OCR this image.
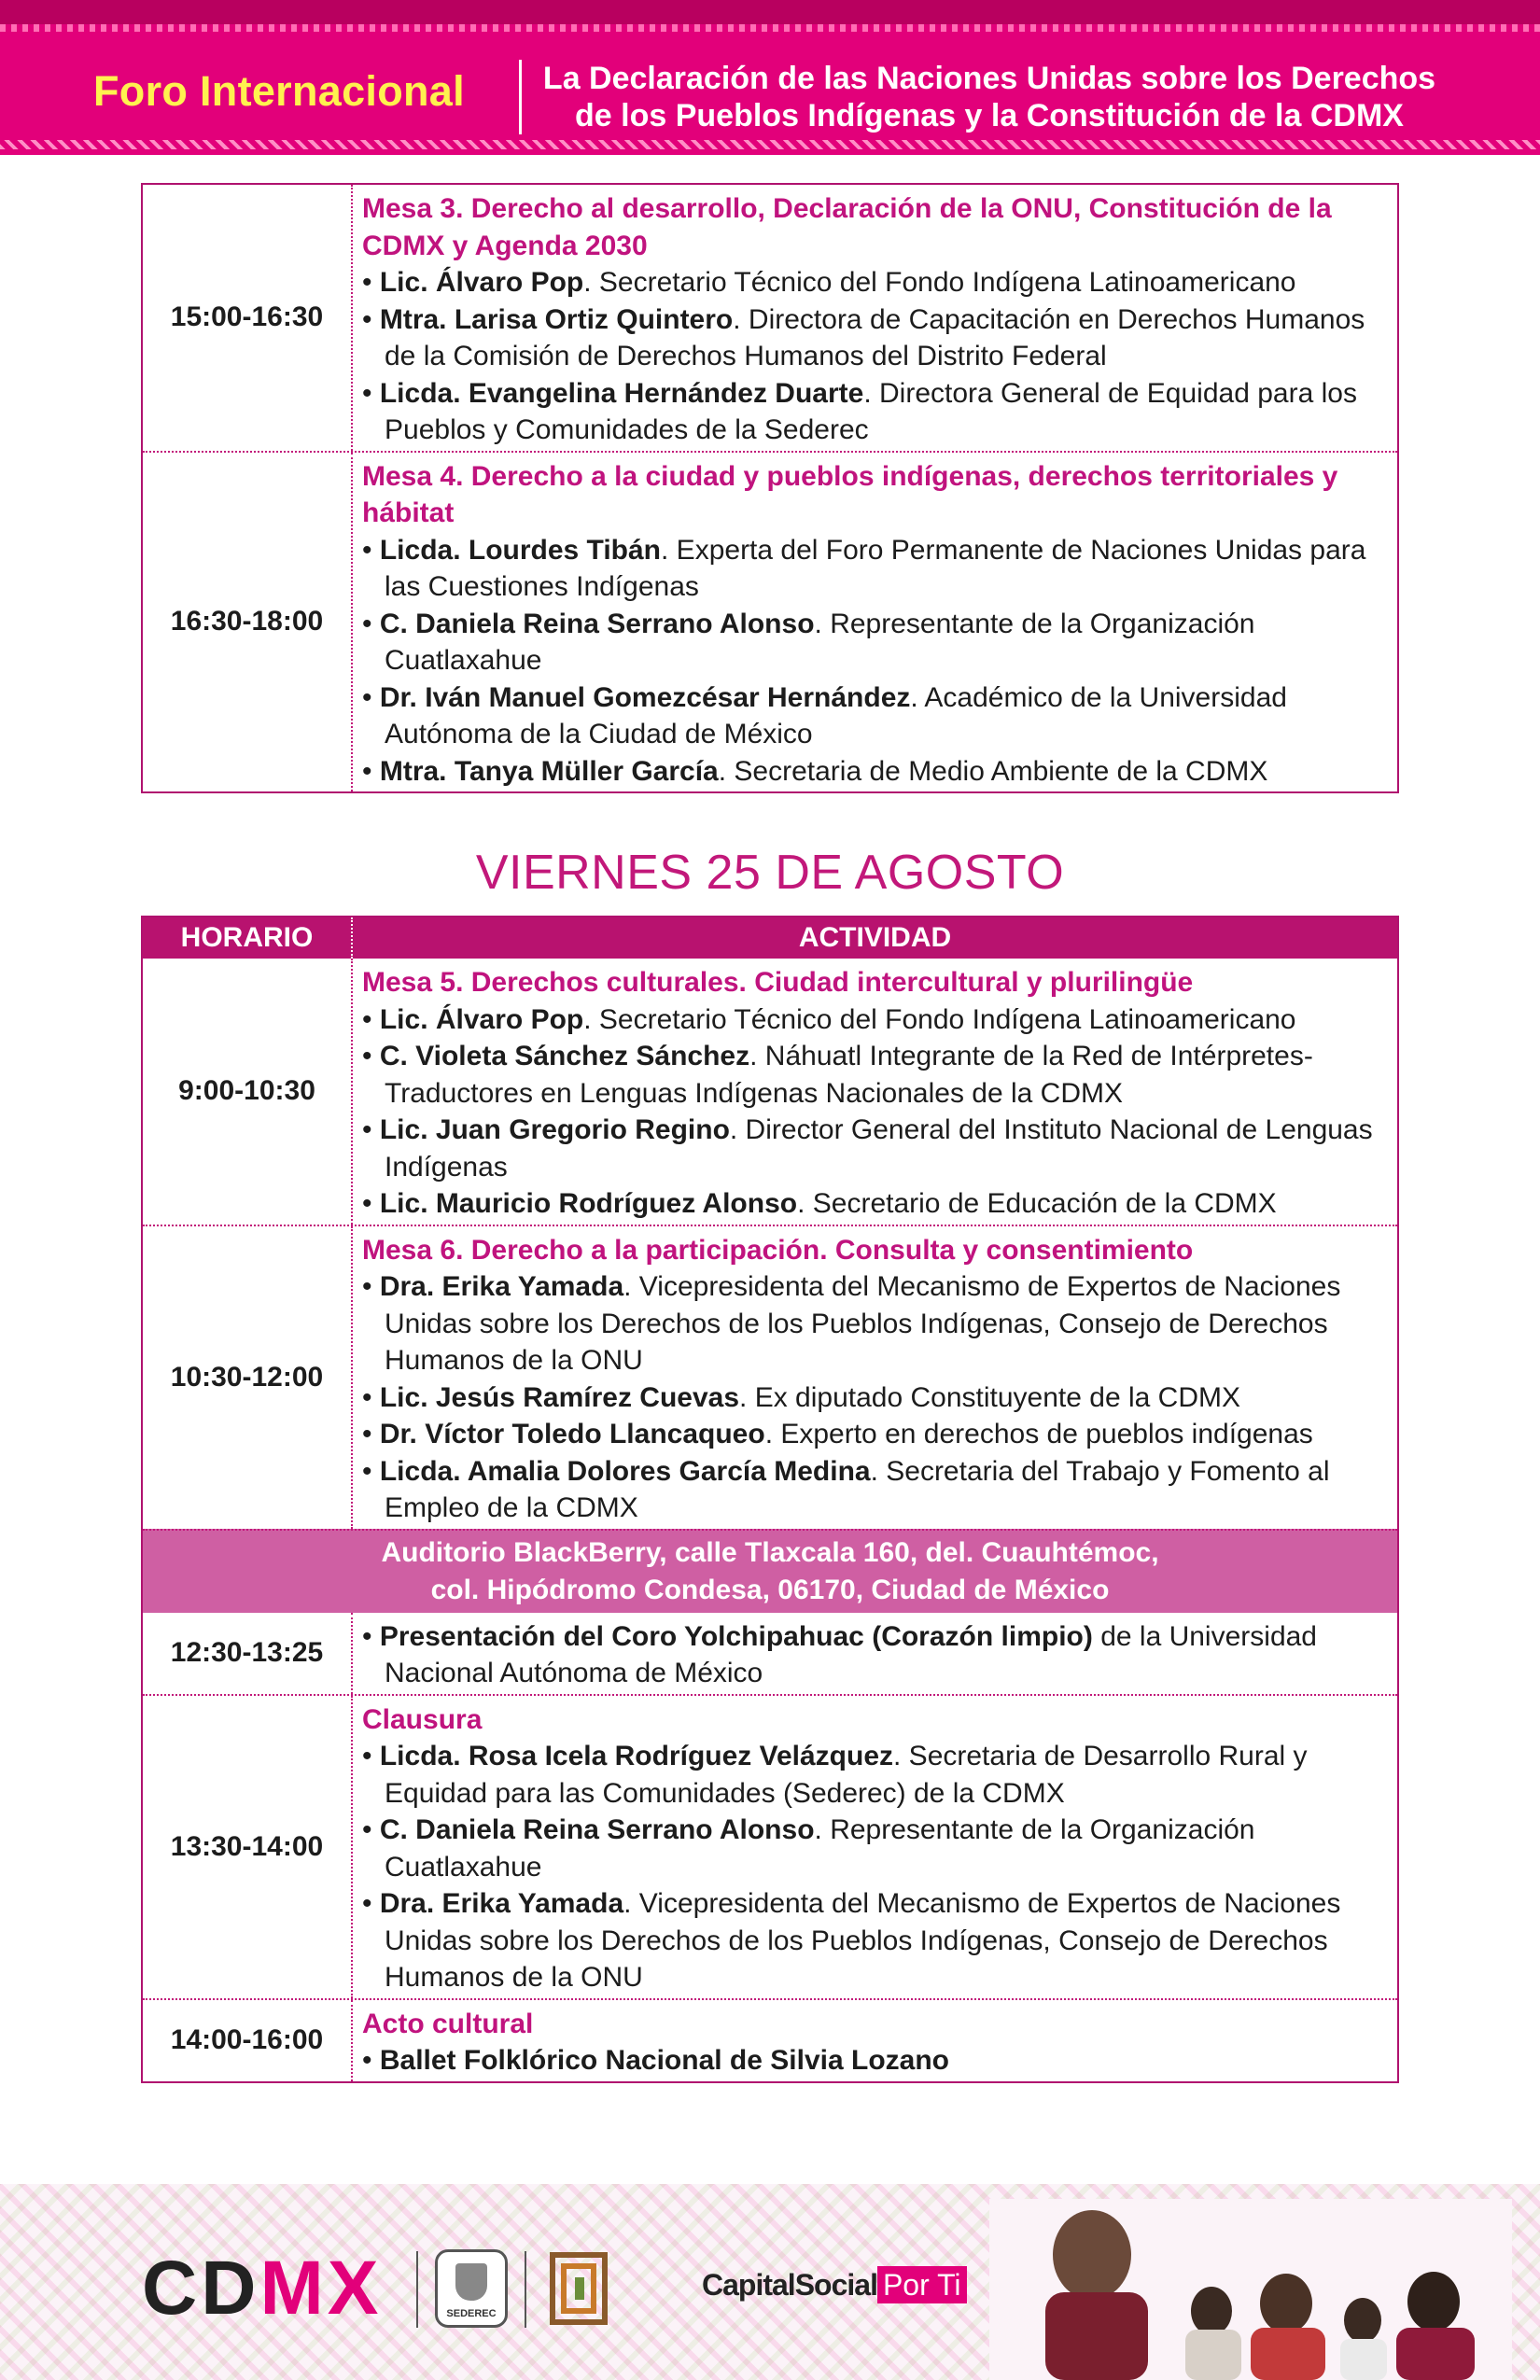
Foro Internacional	La Declaración de las Naciones Unidas sobre los Derechos
de los Pueblos Indígenas y la Constitución de la CDMX
15:00-16:30
Mesa 3. Derecho al desarrollo, Declaración de la ONU, Constitución de la CDMX y Agenda 2030
• Lic. Álvaro Pop. Secretario Técnico del Fondo Indígena Latinoamericano
• Mtra. Larisa Ortiz Quintero. Directora de Capacitación en Derechos Humanos de la Comisión de Derechos Humanos del Distrito Federal
• Licda. Evangelina Hernández Duarte. Directora General de Equidad para los Pueblos y Comunidades de la Sederec
16:30-18:00
Mesa 4. Derecho a la ciudad y pueblos indígenas, derechos territoriales y hábitat
• Licda. Lourdes Tibán. Experta del Foro Permanente de Naciones Unidas para las Cuestiones Indígenas
• C. Daniela Reina Serrano Alonso. Representante de la Organización Cuatlaxahue
• Dr. Iván Manuel Gomezcésar Hernández. Académico de la Universidad Autónoma de la Ciudad de México
• Mtra. Tanya Müller García. Secretaria de Medio Ambiente de la CDMX
VIERNES 25 DE AGOSTO
HORARIO	ACTIVIDAD
9:00-10:30
Mesa 5. Derechos culturales. Ciudad intercultural y plurilingüe
• Lic. Álvaro Pop. Secretario Técnico del Fondo Indígena Latinoamericano
• C. Violeta Sánchez Sánchez. Náhuatl Integrante de la Red de Intérpretes-Traductores en Lenguas Indígenas Nacionales de la CDMX
• Lic. Juan Gregorio Regino. Director General del Instituto Nacional de Lenguas Indígenas
• Lic. Mauricio Rodríguez Alonso. Secretario de Educación de la CDMX
10:30-12:00
Mesa 6. Derecho a la participación. Consulta y consentimiento
• Dra. Erika Yamada. Vicepresidenta del Mecanismo de Expertos de Naciones Unidas sobre los Derechos de los Pueblos Indígenas, Consejo de Derechos Humanos de la ONU
• Lic. Jesús Ramírez Cuevas. Ex diputado Constituyente de la CDMX
• Dr. Víctor Toledo Llancaqueo. Experto en derechos de pueblos indígenas
• Licda. Amalia Dolores García Medina. Secretaria del Trabajo y Fomento al Empleo de la CDMX
Auditorio BlackBerry, calle Tlaxcala 160, del. Cuauhtémoc,
col. Hipódromo Condesa, 06170, Ciudad de México
12:30-13:25
• Presentación del Coro Yolchipahuac (Corazón limpio) de la Universidad Nacional Autónoma de México
13:30-14:00
Clausura
• Licda. Rosa Icela Rodríguez Velázquez. Secretaria de Desarrollo Rural y Equidad para las Comunidades (Sederec) de la CDMX
• C. Daniela Reina Serrano Alonso. Representante de la Organización Cuatlaxahue
• Dra. Erika Yamada. Vicepresidenta del Mecanismo de Expertos de Naciones Unidas sobre los Derechos de los Pueblos Indígenas, Consejo de Derechos Humanos de la ONU
14:00-16:00
Acto cultural
• Ballet Folklórico Nacional de Silvia Lozano
CDMX	SEDEREC
CapitalSocial Por Ti
